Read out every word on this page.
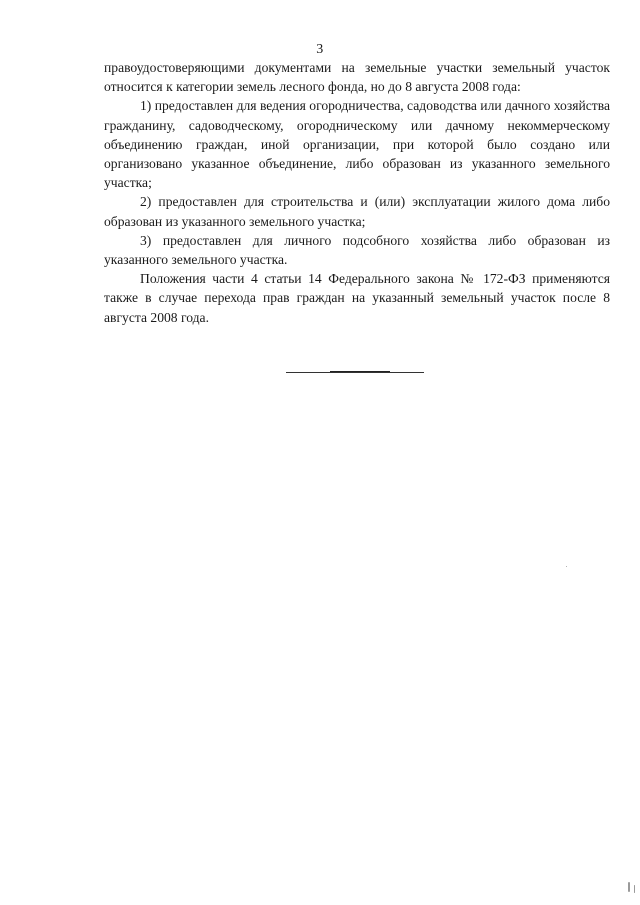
3

правоудостоверяющими документами на земельные участки земельный участок относится к категории земель лесного фонда, но до 8 августа 2008 года:

1) предоставлен для ведения огородничества, садоводства или дачного хозяйства гражданину, садоводческому, огородническому или дачному некоммерческому объединению граждан, иной организации, при которой было создано или организовано указанное объединение, либо образован из указанного земельного участка;

2) предоставлен для строительства и (или) эксплуатации жилого дома либо образован из указанного земельного участка;

3) предоставлен для личного подсобного хозяйства либо образован из указанного земельного участка.

Положения части 4 статьи 14 Федерального закона № 172-ФЗ применяются также в случае перехода прав граждан на указанный земельный участок после 8 августа 2008 года.
